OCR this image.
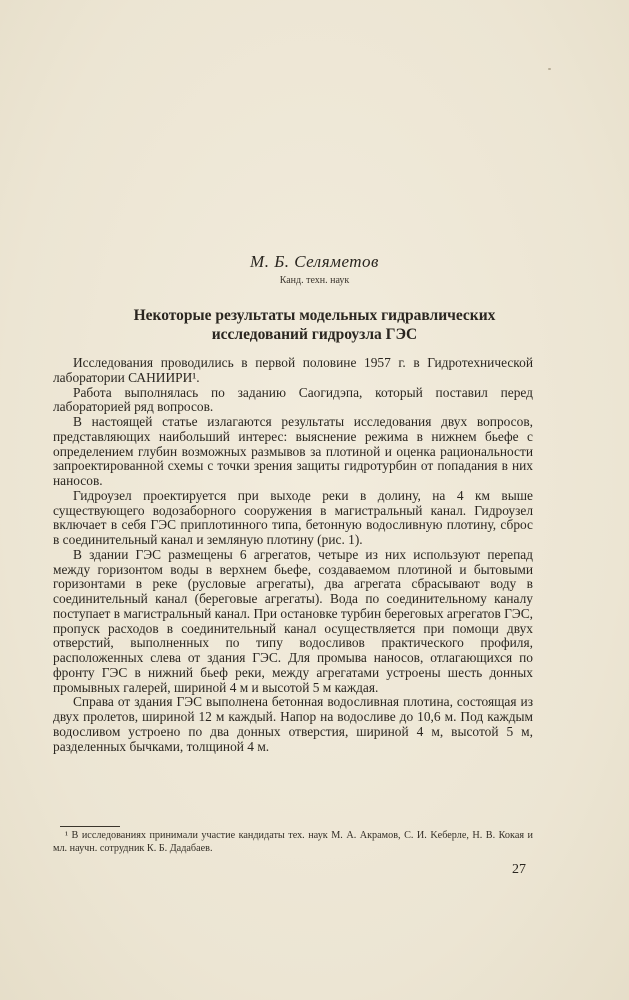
М. Б. Селяметов
Канд. техн. наук
Некоторые результаты модельных гидравлических
исследований гидроузла ГЭС

Исследования проводились в первой половине 1957 г. в Гидротехнической лаборатории САНИИРИ¹.

Работа выполнялась по заданию Саогидэпа, который поставил перед лабораторией ряд вопросов.

В настоящей статье излагаются результаты исследования двух вопросов, представляющих наибольший интерес: выяснение режима в нижнем бьефе с определением глубин возможных размывов за плотиной и оценка рациональности запроектированной схемы с точки зрения защиты гидротурбин от попадания в них наносов.

Гидроузел проектируется при выходе реки в долину, на 4 км выше существующего водозаборного сооружения в магистральный канал. Гидроузел включает в себя ГЭС приплотинного типа, бетонную водосливную плотину, сброс в соединительный канал и земляную плотину (рис. 1).

В здании ГЭС размещены 6 агрегатов, четыре из них используют перепад между горизонтом воды в верхнем бьефе, создаваемом плотиной и бытовыми горизонтами в реке (русловые агрегаты), два агрегата сбрасывают воду в соединительный канал (береговые агрегаты). Вода по соединительному каналу поступает в магистральный канал. При остановке турбин береговых агрегатов ГЭС, пропуск расходов в соединительный канал осуществляется при помощи двух отверстий, выполненных по типу водосливов практического профиля, расположенных слева от здания ГЭС. Для промыва наносов, отлагающихся по фронту ГЭС в нижний бьеф реки, между агрегатами устроены шесть донных промывных галерей, шириной 4 м и высотой 5 м каждая.

Справа от здания ГЭС выполнена бетонная водосливная плотина, состоящая из двух пролетов, шириной 12 м каждый. Напор на водосливе до 10,6 м. Под каждым водосливом устроено по два донных отверстия, шириной 4 м, высотой 5 м, разделенных бычками, толщиной 4 м.

¹ В исследованиях принимали участие кандидаты тех. наук М. А. Акрамов, С. И. Keберле, Н. В. Кокая и мл. научн. сотрудник К. Б. Дадабаев.

27
